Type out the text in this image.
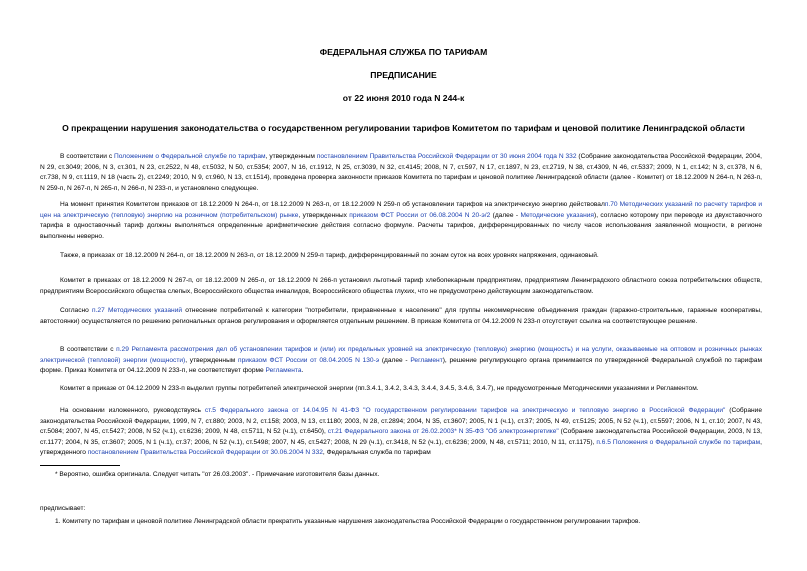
ФЕДЕРАЛЬНАЯ СЛУЖБА ПО ТАРИФАМ
ПРЕДПИСАНИЕ
от 22 июня 2010 года N 244-к
О прекращении нарушения законодательства о государственном регулировании тарифов Комитетом по тарифам и ценовой политике Ленинградской области
В соответствии с Положением о Федеральной службе по тарифам, утвержденным постановлением Правительства Российской Федерации от 30 июня 2004 года N 332 (Собрание законодательства Российской Федерации, 2004, N 29, ст.3049; 2006, N 3, ст.301, N 23, ст.2522, N 48, ст.5032, N 50, ст.5354; 2007, N 16, ст.1912, N 25, ст.3039, N 32, ст.4145; 2008, N 7, ст.597, N 17, ст.1897, N 23, ст.2719, N 38, ст.4309, N 46, ст.5337; 2009, N 1, ст.142; N 3, ст.378, N 6, ст.738, N 9, ст.1119, N 18 (часть 2), ст.2249; 2010, N 9, ст.960, N 13, ст.1514), проведена проверка законности приказов Комитета по тарифам и ценовой политике Ленинградской области (далее - Комитет) от 18.12.2009 N 264-п, N 263-п, N 259-п, N 267-п, N 265-п, N 266-п, N 233-п, и установлено следующее.
На момент принятия Комитетом приказов от 18.12.2009 N 264-п, от 18.12.2009 N 263-п, от 18.12.2009 N 259-п об установлении тарифов на электрическую энергию действовалп.70 Методических указаний по расчету тарифов и цен на электрическую (тепловую) энергию на розничном (потребительском) рынке, утвержденных приказом ФСТ России от 06.08.2004 N 20-э/2 (далее - Методические указания), согласно которому при переводе из двухставочного тарифа в одноставочный тариф должны выполняться определенные арифметические действия согласно формуле. Расчеты тарифов, дифференцированных по числу часов использования заявленной мощности, в регионе выполнены неверно.
Также, в приказах от 18.12.2009 N 264-п, от 18.12.2009 N 263-п, от 18.12.2009 N 259-п тариф, дифференцированный по зонам суток на всех уровнях напряжения, одинаковый.
Комитет в приказах от 18.12.2009 N 267-п, от 18.12.2009 N 265-п, от 18.12.2009 N 266-п установил льготный тариф хлебопекарным предприятиям, предприятиям Ленинградского областного союза потребительских обществ, предприятиям Всероссийского общества слепых, Всероссийского общества инвалидов, Всероссийского общества глухих, что не предусмотрено действующим законодательством.
Согласно п.27 Методических указаний отнесение потребителей к категории "потребители, приравненные к населению" для группы некоммерческие объединения граждан (гаражно-строительные, гаражные кооперативы, автостоянки) осуществляется по решению региональных органов регулирования и оформляется отдельным решением. В приказе Комитета от 04.12.2009 N 233-п отсутствует ссылка на соответствующее решение.
В соответствии с п.29 Регламента рассмотрения дел об установлении тарифов и (или) их предельных уровней на электрическую (тепловую) энергию (мощность) и на услуги, оказываемые на оптовом и розничных рынках электрической (тепловой) энергии (мощности), утвержденным приказом ФСТ России от 08.04.2005 N 130-э (далее - Регламент), решение регулирующего органа принимается по утвержденной Федеральной службой по тарифам форме. Приказ Комитета от 04.12.2009 N 233-п, не соответствует форме Регламента.
Комитет в приказе от 04.12.2009 N 233-п выделил группы потребителей электрической энергии (пп.3.4.1, 3.4.2, 3.4.3, 3.4.4, 3.4.5, 3.4.6, 3.4.7), не предусмотренные Методическими указаниями и Регламентом.
На основании изложенного, руководствуясь ст.5 Федерального закона от 14.04.95 N 41-ФЗ "О государственном регулировании тарифов на электрическую и тепловую энергию в Российской Федерации" (Собрание законодательства Российской Федерации, 1999, N 7, ст.880; 2003, N 2, ст.158; 2003, N 13, ст.1180; 2003, N 28, ст.2894; 2004, N 35, ст.3607; 2005, N 1 (ч.1), ст.37; 2005, N 49, ст.5125; 2005, N 52 (ч.1), ст.5597; 2006, N 1, ст.10; 2007, N 43, ст.5084; 2007, N 45, ст.5427; 2008, N 52 (ч.1), ст.6236; 2009, N 48, ст.5711, N 52 (ч.1), ст.6450), ст.21 Федерального закона от 26.02.2003* N 35-ФЗ "Об электроэнергетике" (Собрание законодательства Российской Федерации, 2003, N 13, ст.1177; 2004, N 35, ст.3607; 2005, N 1 (ч.1), ст.37; 2006, N 52 (ч.1), ст.5498; 2007, N 45, ст.5427; 2008, N 29 (ч.1), ст.3418, N 52 (ч.1), ст.6236; 2009, N 48, ст.5711; 2010, N 11, ст.1175), п.6.5 Положения о Федеральной службе по тарифам, утвержденного постановлением Правительства Российской Федерации от 30.06.2004 N 332, Федеральная служба по тарифам
* Вероятно, ошибка оригинала. Следует читать "от 26.03.2003". - Примечание изготовителя базы данных.
предписывает:
1. Комитету по тарифам и ценовой политике Ленинградской области прекратить указанные нарушения законодательства Российской Федерации о государственном регулировании тарифов.
